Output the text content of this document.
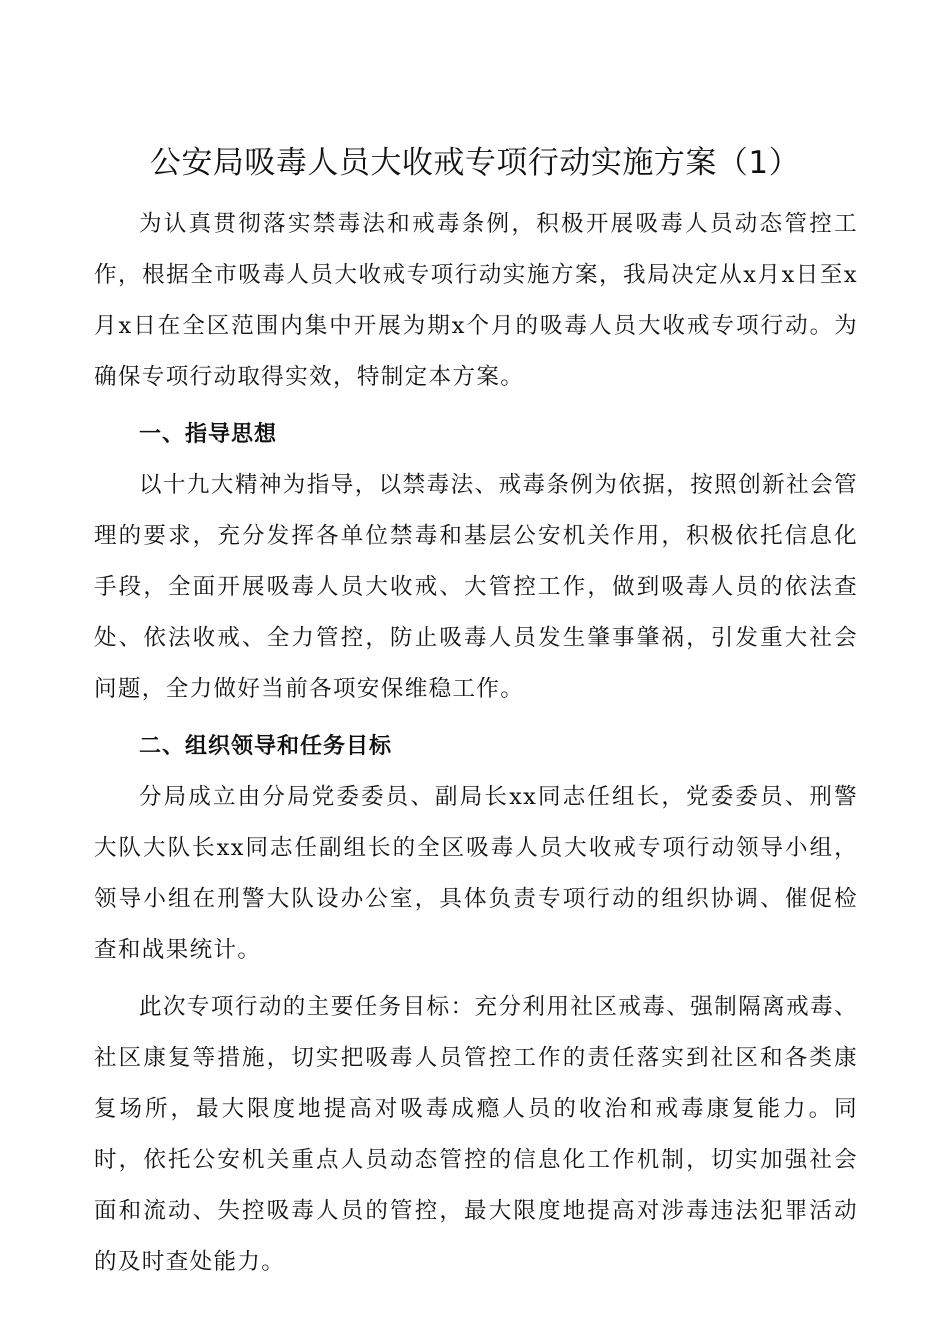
公安局吸毒人员大收戒专项行动实施方案（1）

为认真贯彻落实禁毒法和戒毒条例，积极开展吸毒人员动态管控工作，根据全市吸毒人员大收戒专项行动实施方案，我局决定从x月x日至x月x日在全区范围内集中开展为期x个月的吸毒人员大收戒专项行动。为确保专项行动取得实效，特制定本方案。

一、指导思想

以十九大精神为指导，以禁毒法、戒毒条例为依据，按照创新社会管理的要求，充分发挥各单位禁毒和基层公安机关作用，积极依托信息化手段，全面开展吸毒人员大收戒、大管控工作，做到吸毒人员的依法查处、依法收戒、全力管控，防止吸毒人员发生肇事肇祸，引发重大社会问题，全力做好当前各项安保维稳工作。

二、组织领导和任务目标

分局成立由分局党委委员、副局长xx同志任组长，党委委员、刑警大队大队长xx同志任副组长的全区吸毒人员大收戒专项行动领导小组，领导小组在刑警大队设办公室，具体负责专项行动的组织协调、催促检查和战果统计。

此次专项行动的主要任务目标：充分利用社区戒毒、强制隔离戒毒、社区康复等措施，切实把吸毒人员管控工作的责任落实到社区和各类康复场所，最大限度地提高对吸毒成瘾人员的收治和戒毒康复能力。同时，依托公安机关重点人员动态管控的信息化工作机制，切实加强社会面和流动、失控吸毒人员的管控，最大限度地提高对涉毒违法犯罪活动的及时查处能力。
